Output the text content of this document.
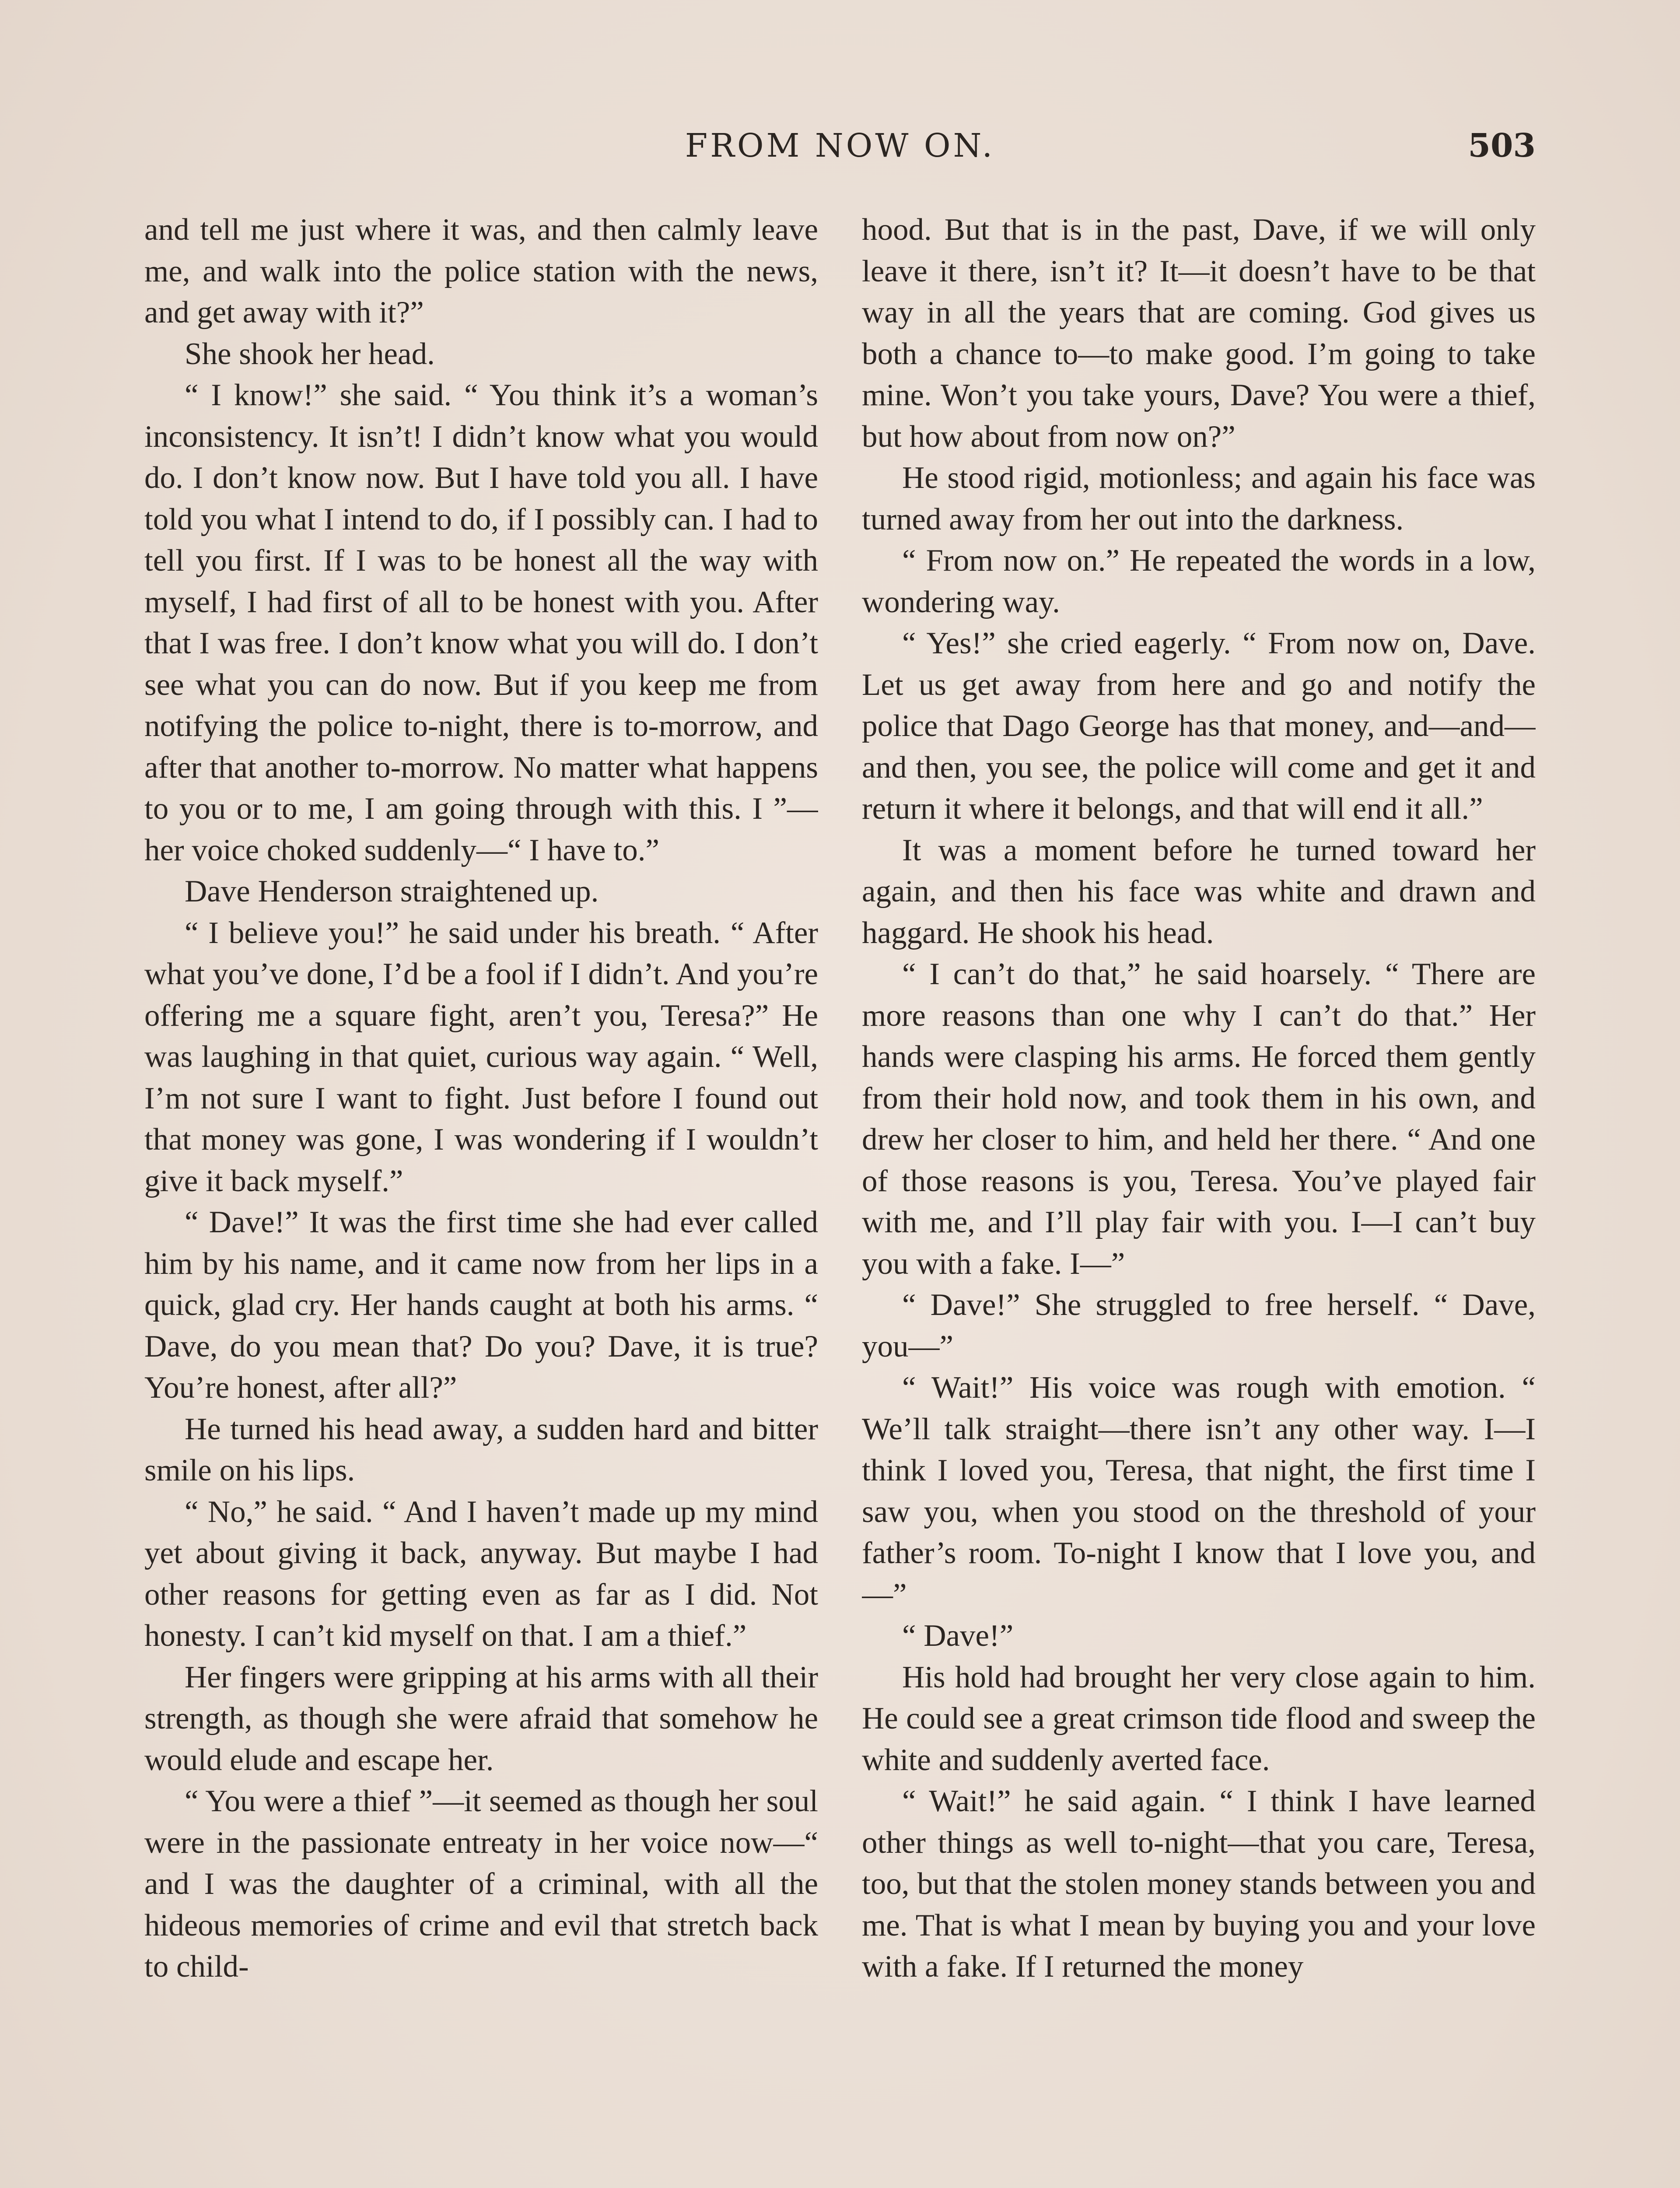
FROM NOW ON.	503

and tell me just where it was, and then calmly leave me, and walk into the police station with the news, and get away with it?”

She shook her head.

“ I know!” she said. “ You think it’s a woman’s inconsistency. It isn’t! I didn’t know what you would do. I don’t know now. But I have told you all. I have told you what I intend to do, if I possibly can. I had to tell you first. If I was to be honest all the way with myself, I had first of all to be honest with you. After that I was free. I don’t know what you will do. I don’t see what you can do now. But if you keep me from notifying the police to-night, there is to-morrow, and after that another to-morrow. No matter what happens to you or to me, I am going through with this. I ”—her voice choked suddenly—“ I have to.”

Dave Henderson straightened up.

“ I believe you!” he said under his breath. “ After what you’ve done, I’d be a fool if I didn’t. And you’re offering me a square fight, aren’t you, Teresa?” He was laughing in that quiet, curious way again. “ Well, I’m not sure I want to fight. Just before I found out that money was gone, I was wondering if I wouldn’t give it back myself.”

“ Dave!” It was the first time she had ever called him by his name, and it came now from her lips in a quick, glad cry. Her hands caught at both his arms. “ Dave, do you mean that? Do you? Dave, it is true? You’re honest, after all?”

He turned his head away, a sudden hard and bitter smile on his lips.

“ No,” he said. “ And I haven’t made up my mind yet about giving it back, anyway. But maybe I had other reasons for getting even as far as I did. Not honesty. I can’t kid myself on that. I am a thief.”

Her fingers were gripping at his arms with all their strength, as though she were afraid that somehow he would elude and escape her.

“ You were a thief ”—it seemed as though her soul were in the passionate entreaty in her voice now—“ and I was the daughter of a criminal, with all the hideous memories of crime and evil that stretch back to child-

hood. But that is in the past, Dave, if we will only leave it there, isn’t it? It—it doesn’t have to be that way in all the years that are coming. God gives us both a chance to—to make good. I’m going to take mine. Won’t you take yours, Dave? You were a thief, but how about from now on?”

He stood rigid, motionless; and again his face was turned away from her out into the darkness.

“ From now on.” He repeated the words in a low, wondering way.

“ Yes!” she cried eagerly. “ From now on, Dave. Let us get away from here and go and notify the police that Dago George has that money, and—and—and then, you see, the police will come and get it and return it where it belongs, and that will end it all.”

It was a moment before he turned toward her again, and then his face was white and drawn and haggard. He shook his head.

“ I can’t do that,” he said hoarsely. “ There are more reasons than one why I can’t do that.” Her hands were clasping his arms. He forced them gently from their hold now, and took them in his own, and drew her closer to him, and held her there. “ And one of those reasons is you, Teresa. You’ve played fair with me, and I’ll play fair with you. I—I can’t buy you with a fake. I—”

“ Dave!” She struggled to free herself. “ Dave, you—”

“ Wait!” His voice was rough with emotion. “ We’ll talk straight—there isn’t any other way. I—I think I loved you, Teresa, that night, the first time I saw you, when you stood on the threshold of your father’s room. To-night I know that I love you, and—”

“ Dave!”

His hold had brought her very close again to him. He could see a great crimson tide flood and sweep the white and suddenly averted face.

“ Wait!” he said again. “ I think I have learned other things as well to-night—that you care, Teresa, too, but that the stolen money stands between you and me. That is what I mean by buying you and your love with a fake. If I returned the money
